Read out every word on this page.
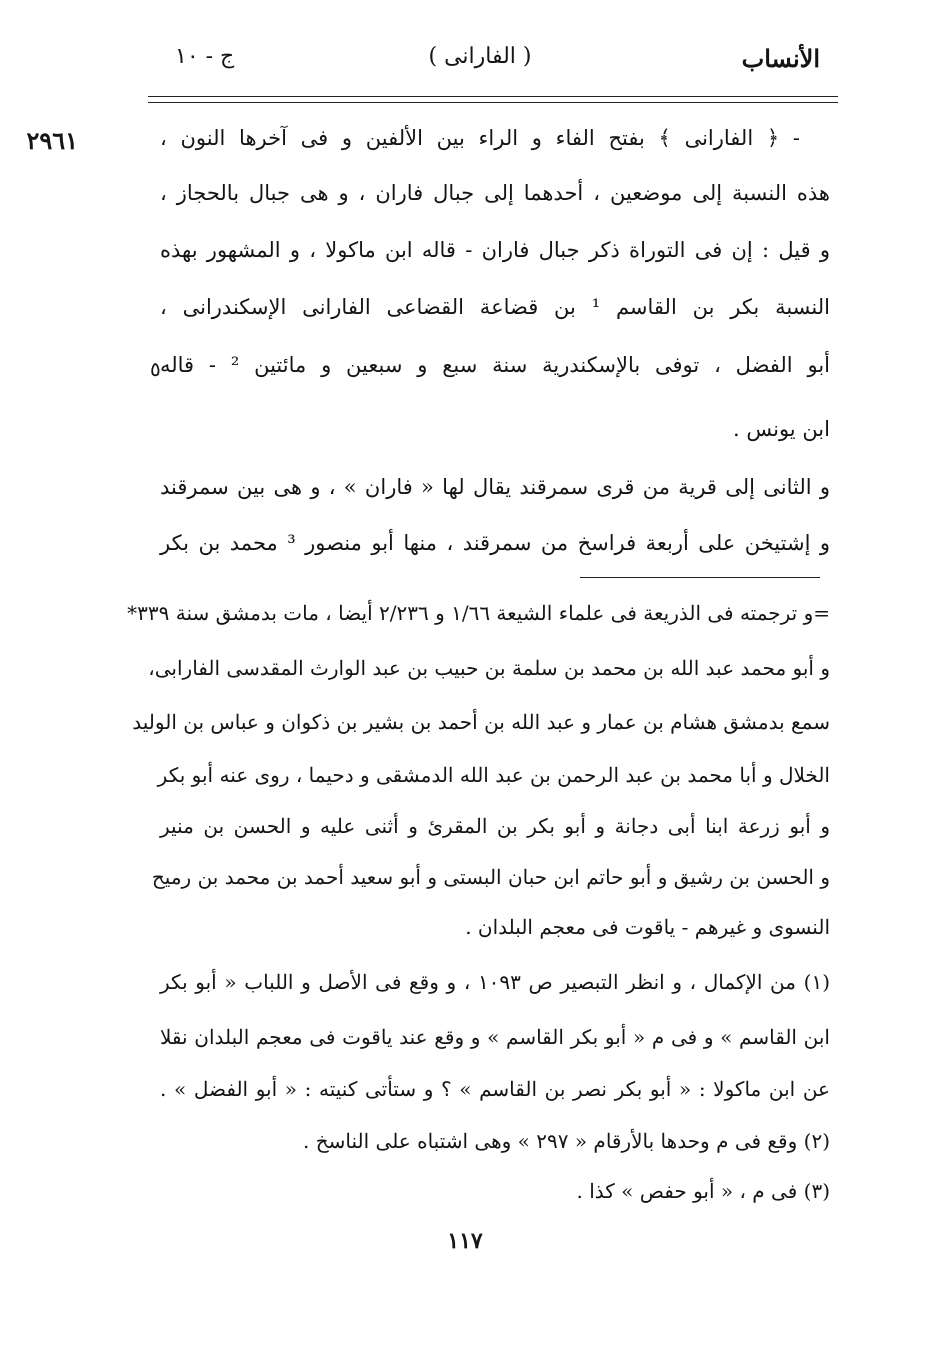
الأنساب
( الفارانى )
ج - ١٠
٢٩٦١	- ﴿ الفارانى ﴾ بفتح الفاء و الراء بين الألفين و فى آخرها النون ،
هذه النسبة إلى موضعين ، أحدهما إلى جبال فاران ، و هى جبال بالحجاز ،
و قيل : إن فى التوراة ذكر جبال فاران - قاله ابن ماكولا ، و المشهور بهذه
النسبة بكر بن القاسم ¹ بن قضاعة القضاعى الفارانى الإسكندرانى ،
أبو الفضل ، توفى بالإسكندرية سنة سبع و سبعين و مائتين ² - قاله
٥
ابن يونس .
و الثانى إلى قرية من قرى سمرقند يقال لها « فاران » ، و هى بين سمرقند
و إشتيخن على أربعة فراسخ من سمرقند ، منها أبو منصور ³ محمد بن بكر
=و ترجمته فى الذريعة فى علماء الشيعة ١/٦٦ و ٢/٢٣٦ أيضا ، مات بدمشق سنة ٣٣٩*
و أبو محمد عبد الله بن محمد بن سلمة بن حبيب بن عبد الوارث المقدسى الفارابى،
سمع بدمشق هشام بن عمار و عبد الله بن أحمد بن بشير بن ذكوان و عباس بن الوليد
الخلال و أبا محمد بن عبد الرحمن بن عبد الله الدمشقى و دحيما ، روى عنه أبو بكر
و أبو زرعة ابنا أبى دجانة و أبو بكر بن المقرئ و أثنى عليه و الحسن بن منير
و الحسن بن رشيق و أبو حاتم ابن حبان البستى و أبو سعيد أحمد بن محمد بن رميح
النسوى و غيرهم - ياقوت فى معجم البلدان .
(١) من الإكمال ، و انظر التبصير ص ١٠٩٣ ، و وقع فى الأصل و اللباب « أبو بكر
ابن القاسم » و فى م « أبو بكر القاسم » و وقع عند ياقوت فى معجم البلدان نقلا
عن ابن ماكولا : « أبو بكر نصر بن القاسم » ؟ و ستأتى كنيته : « أبو الفضل » .
(٢) وقع فى م وحدها بالأرقام « ٢٩٧ » وهى اشتباه على الناسخ .
(٣) فى م ، « أبو حفص » كذا .
١١٧
